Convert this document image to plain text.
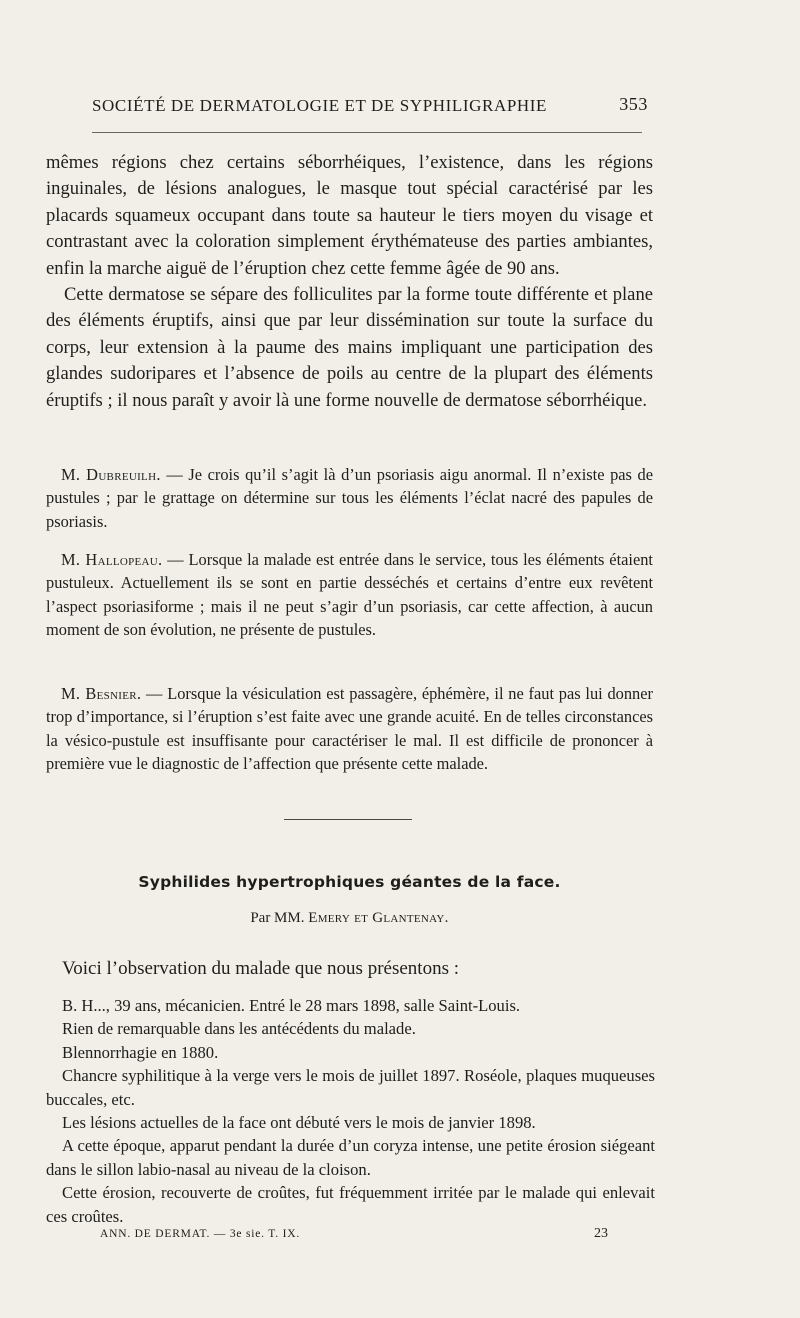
SOCIÉTÉ DE DERMATOLOGIE ET DE SYPHILIGRAPHIE	353

mêmes régions chez certains séborrhéiques, l’existence, dans les régions inguinales, de lésions analogues, le masque tout spécial caractérisé par les placards squameux occupant dans toute sa hauteur le tiers moyen du visage et contrastant avec la coloration simplement érythémateuse des parties ambiantes, enfin la marche aiguë de l’éruption chez cette femme âgée de 90 ans.

Cette dermatose se sépare des folliculites par la forme toute différente et plane des éléments éruptifs, ainsi que par leur dissémination sur toute la surface du corps, leur extension à la paume des mains impliquant une participation des glandes sudoripares et l’absence de poils au centre de la plupart des éléments éruptifs ; il nous paraît y avoir là une forme nouvelle de dermatose séborrhéique.

M. Dubreuilh. — Je crois qu’il s’agit là d’un psoriasis aigu anormal. Il n’existe pas de pustules ; par le grattage on détermine sur tous les éléments l’éclat nacré des papules de psoriasis.

M. Hallopeau. — Lorsque la malade est entrée dans le service, tous les éléments étaient pustuleux. Actuellement ils se sont en partie desséchés et certains d’entre eux revêtent l’aspect psoriasiforme ; mais il ne peut s’agir d’un psoriasis, car cette affection, à aucun moment de son évolution, ne présente de pustules.

M. Besnier. — Lorsque la vésiculation est passagère, éphémère, il ne faut pas lui donner trop d’importance, si l’éruption s’est faite avec une grande acuité. En de telles circonstances la vésico-pustule est insuffisante pour caractériser le mal. Il est difficile de prononcer à première vue le diagnostic de l’affection que présente cette malade.

Syphilides hypertrophiques géantes de la face.
Par MM. Emery et Glantenay.
Voici l’observation du malade que nous présentons :

B. H..., 39 ans, mécanicien. Entré le 28 mars 1898, salle Saint-Louis.

Rien de remarquable dans les antécédents du malade.

Blennorrhagie en 1880.

Chancre syphilitique à la verge vers le mois de juillet 1897. Roséole, plaques muqueuses buccales, etc.

Les lésions actuelles de la face ont débuté vers le mois de janvier 1898.

A cette époque, apparut pendant la durée d’un coryza intense, une petite érosion siégeant dans le sillon labio-nasal au niveau de la cloison.

Cette érosion, recouverte de croûtes, fut fréquemment irritée par le malade qui enlevait ces croûtes.

ANN. DE DERMAT. — 3e sie. T. IX.	23
